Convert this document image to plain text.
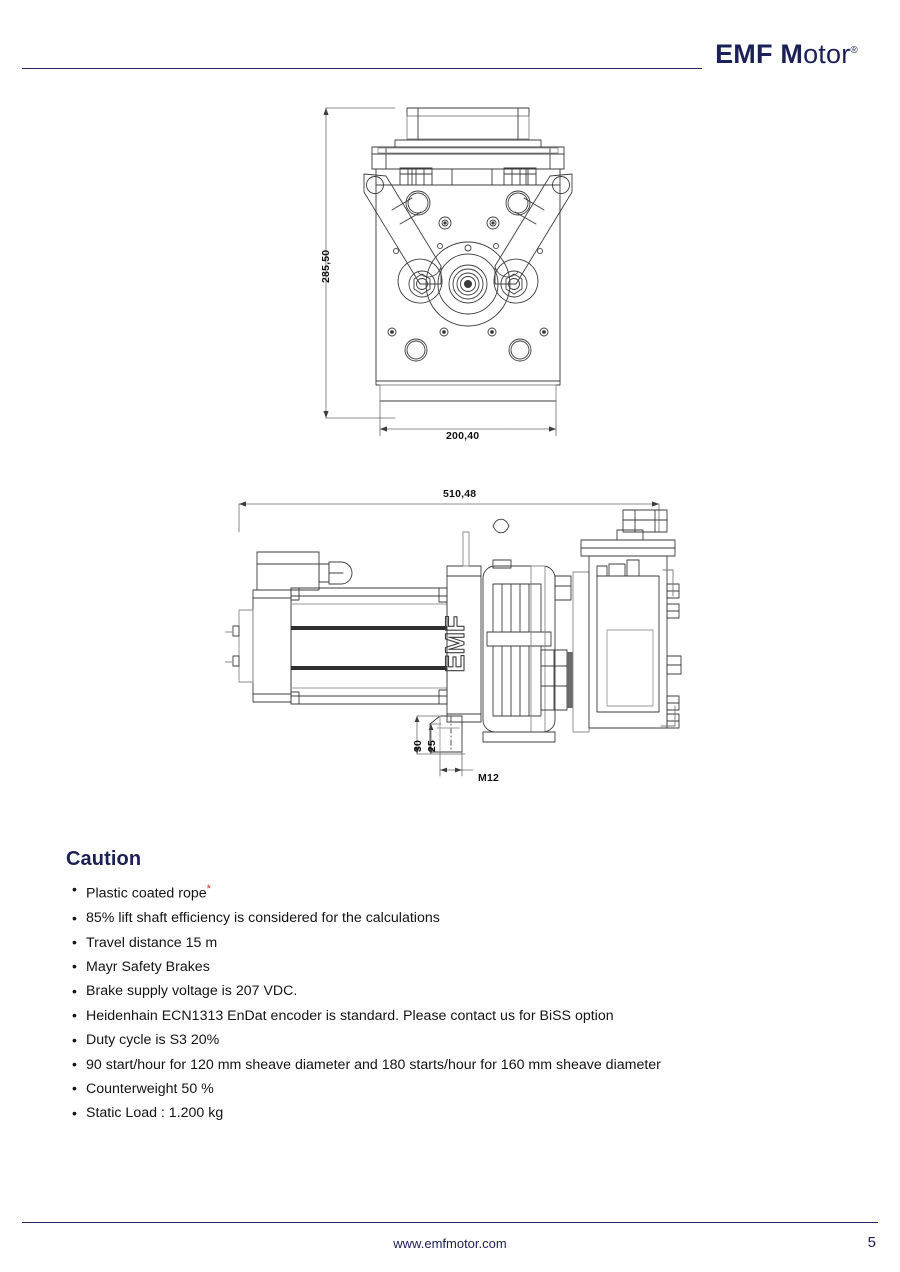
EMF Motor®
285,50
200,40
EMF
510,48
30 25
M12
Caution
• Plastic coated rope*
• 85% lift shaft efficiency is considered for the calculations
• Travel distance 15 m
• Mayr Safety Brakes
• Brake supply voltage is 207 VDC.
• Heidenhain ECN1313 EnDat encoder is standard. Please contact us for BiSS option
• Duty cycle is S3 20%
• 90 start/hour for 120 mm sheave diameter and 180 starts/hour for 160 mm sheave diameter
• Counterweight 50 %
• Static Load : 1.200 kg
www.emfmotor.com	5
